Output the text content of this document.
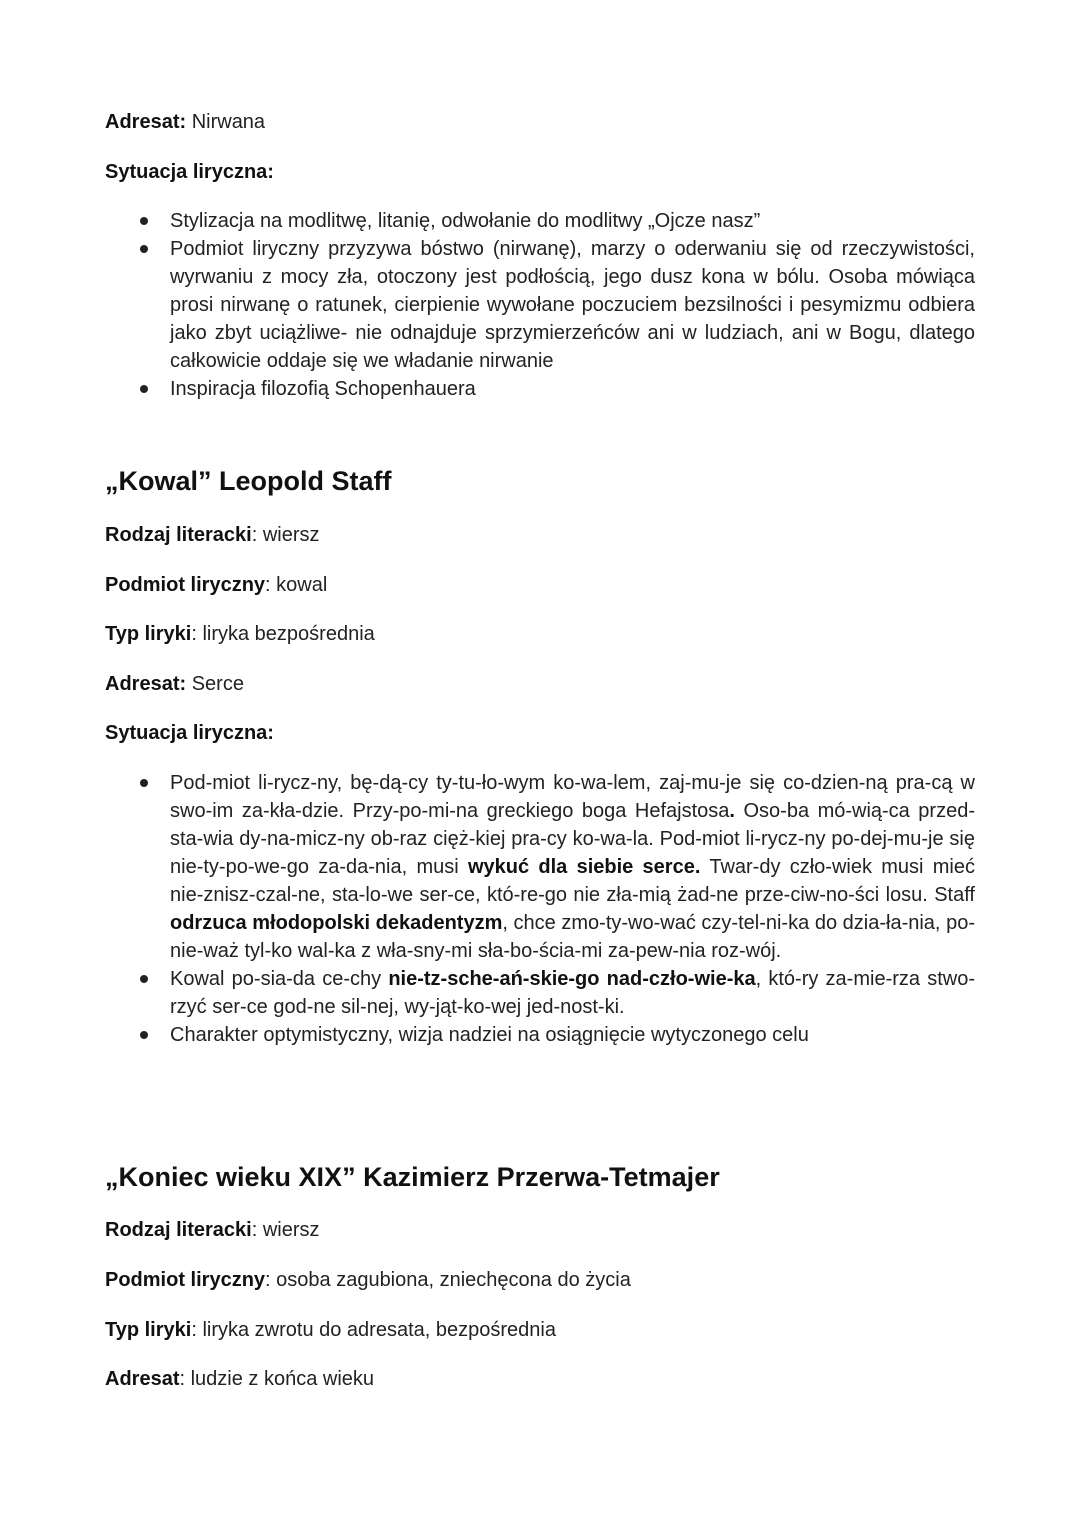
Adresat: Nirwana
Sytuacja liryczna:
Stylizacja na modlitwę, litanię, odwołanie do modlitwy „Ojcze nasz”
Podmiot liryczny przyzywa bóstwo (nirwanę), marzy o oderwaniu się od rzeczywistości, wyrwaniu z mocy zła, otoczony jest podłością, jego dusz kona w bólu. Osoba mówiąca prosi nirwanę o ratunek, cierpienie wywołane poczuciem bezsilności i pesymizmu odbiera jako zbyt uciążliwe- nie odnajduje sprzymierzeńców ani w ludziach, ani w Bogu, dlatego całkowicie oddaje się we władanie nirwanie
Inspiracja filozofią Schopenhauera
„Kowal” Leopold Staff
Rodzaj literacki: wiersz
Podmiot liryczny: kowal
Typ liryki: liryka bezpośrednia
Adresat: Serce
Sytuacja liryczna:
Pod-miot li-rycz-ny, bę-dą-cy ty-tu-ło-wym ko-wa-lem, zaj-mu-je się co-dzien-ną pra-cą w swo-im za-kła-dzie. Przy-po-mi-na greckiego boga Hefajstosa. Oso-ba mó-wią-ca przed-sta-wia dy-na-micz-ny ob-raz cięż-kiej pra-cy ko-wa-la. Pod-miot li-rycz-ny po-dej-mu-je się nie-ty-po-we-go za-da-nia, musi wykuć dla siebie serce. Twar-dy czło-wiek musi mieć nie-znisz-czal-ne, sta-lo-we ser-ce, któ-re-go nie zła-mią żad-ne prze-ciw-no-ści losu. Staff odrzuca młodopolski dekadentyzm, chce zmo-ty-wo-wać czy-tel-ni-ka do dzia-ła-nia, po-nie-waż tyl-ko wal-ka z wła-sny-mi sła-bo-ścia-mi za-pew-nia roz-wój.
Kowal po-sia-da ce-chy nie-tz-sche-ań-skie-go nad-czło-wie-ka, któ-ry za-mie-rza stwo-rzyć ser-ce god-ne sil-nej, wy-jąt-ko-wej jed-nost-ki.
Charakter optymistyczny, wizja nadziei na osiągnięcie wytyczonego celu
„Koniec wieku XIX” Kazimierz Przerwa-Tetmajer
Rodzaj literacki: wiersz
Podmiot liryczny: osoba zagubiona, zniechęcona do życia
Typ liryki: liryka zwrotu do adresata, bezpośrednia
Adresat: ludzie z końca wieku
